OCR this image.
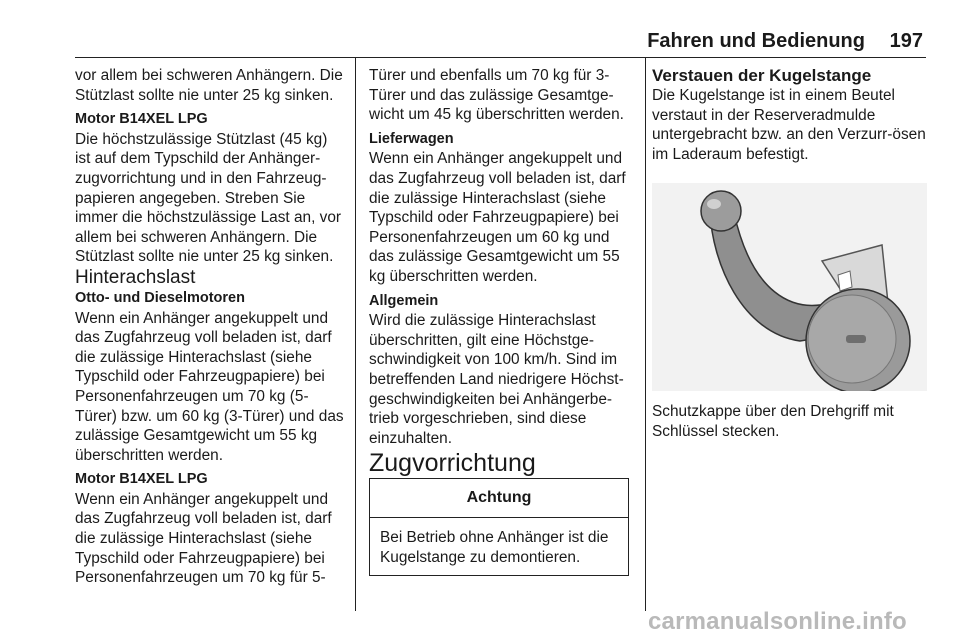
Fahren und Bedienung 197

vor allem bei schweren Anhängern. Die Stützlast sollte nie unter 25 kg sinken.

Motor B14XEL LPG

Die höchstzulässige Stützlast (45 kg) ist auf dem Typschild der Anhänger-zugvorrichtung und in den Fahrzeug-papieren angegeben. Streben Sie immer die höchstzulässige Last an, vor allem bei schweren Anhängern. Die Stützlast sollte nie unter 25 kg sinken.

Hinterachslast

Otto- und Dieselmotoren

Wenn ein Anhänger angekuppelt und das Zugfahrzeug voll beladen ist, darf die zulässige Hinterachslast (siehe Typschild oder Fahrzeugpapiere) bei Personenfahrzeugen um 70 kg (5-Türer) bzw. um 60 kg (3-Türer) und das zulässige Gesamtgewicht um 55 kg überschritten werden.

Motor B14XEL LPG

Wenn ein Anhänger angekuppelt und das Zugfahrzeug voll beladen ist, darf die zulässige Hinterachslast (siehe Typschild oder Fahrzeugpapiere) bei Personenfahrzeugen um 70 kg für 5-

Türer und ebenfalls um 70 kg für 3-Türer und das zulässige Gesamtge-wicht um 45 kg überschritten werden.

Lieferwagen

Wenn ein Anhänger angekuppelt und das Zugfahrzeug voll beladen ist, darf die zulässige Hinterachslast (siehe Typschild oder Fahrzeugpapiere) bei Personenfahrzeugen um 60 kg und das zulässige Gesamtgewicht um 55 kg überschritten werden.

Allgemein

Wird die zulässige Hinterachslast überschritten, gilt eine Höchstge-schwindigkeit von 100 km/h. Sind im betreffenden Land niedrigere Höchst-geschwindigkeiten bei Anhängerbe-trieb vorgeschrieben, sind diese einzuhalten.

Zugvorrichtung

Achtung
Bei Betrieb ohne Anhänger ist die Kugelstange zu demontieren.

Verstauen der Kugelstange

Die Kugelstange ist in einem Beutel verstaut in der Reserveradmulde untergebracht bzw. an den Verzurr-ösen im Laderaum befestigt.

Schutzkappe über den Drehgriff mit Schlüssel stecken.

carmanualsonline.info
